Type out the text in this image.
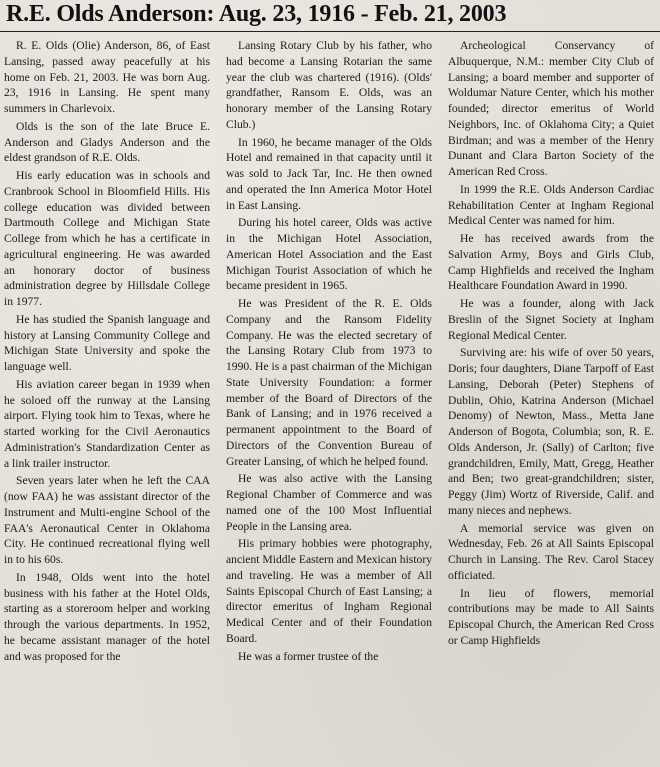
R.E. Olds Anderson: Aug. 23, 1916 - Feb. 21, 2003

R. E. Olds (Olie) Anderson, 86, of East Lansing, passed away peacefully at his home on Feb. 21, 2003. He was born Aug. 23, 1916 in Lansing. He spent many summers in Charlevoix.

Olds is the son of the late Bruce E. Anderson and Gladys Anderson and the eldest grandson of R.E. Olds.

His early education was in schools and Cranbrook School in Bloomfield Hills. His college education was divided between Dartmouth College and Michigan State College from which he has a certificate in agricultural engineering. He was awarded an honorary doctor of business administration degree by Hillsdale College in 1977.

He has studied the Spanish language and history at Lansing Community College and Michigan State University and spoke the language well.

His aviation career began in 1939 when he soloed off the runway at the Lansing airport. Flying took him to Texas, where he started working for the Civil Aeronautics Administration's Standardization Center as a link trailer instructor.

Seven years later when he left the CAA (now FAA) he was assistant director of the Instrument and Multi-engine School of the FAA's Aeronautical Center in Oklahoma City. He continued recreational flying well in to his 60s.

In 1948, Olds went into the hotel business with his father at the Hotel Olds, starting as a storeroom helper and working through the various departments. In 1952, he became assistant manager of the hotel and was proposed for the

Lansing Rotary Club by his father, who had become a Lansing Rotarian the same year the club was chartered (1916). (Olds' grandfather, Ransom E. Olds, was an honorary member of the Lansing Rotary Club.)

In 1960, he became manager of the Olds Hotel and remained in that capacity until it was sold to Jack Tar, Inc. He then owned and operated the Inn America Motor Hotel in East Lansing.

During his hotel career, Olds was active in the Michigan Hotel Association, American Hotel Association and the East Michigan Tourist Association of which he became president in 1965.

He was President of the R. E. Olds Company and the Ransom Fidelity Company. He was the elected secretary of the Lansing Rotary Club from 1973 to 1990. He is a past chairman of the Michigan State University Foundation: a former member of the Board of Directors of the Bank of Lansing; and in 1976 received a permanent appointment to the Board of Directors of the Convention Bureau of Greater Lansing, of which he helped found.

He was also active with the Lansing Regional Chamber of Commerce and was named one of the 100 Most Influential People in the Lansing area.

His primary hobbies were photography, ancient Middle Eastern and Mexican history and traveling. He was a member of All Saints Episcopal Church of East Lansing; a director emeritus of Ingham Regional Medical Center and of their Foundation Board.

He was a former trustee of the

Archeological Conservancy of Albuquerque, N.M.: member City Club of Lansing; a board member and supporter of Woldumar Nature Center, which his mother founded; director emeritus of World Neighbors, Inc. of Oklahoma City; a Quiet Birdman; and was a member of the Henry Dunant and Clara Barton Society of the American Red Cross.

In 1999 the R.E. Olds Anderson Cardiac Rehabilitation Center at Ingham Regional Medical Center was named for him.

He has received awards from the Salvation Army, Boys and Girls Club, Camp Highfields and received the Ingham Healthcare Foundation Award in 1990.

He was a founder, along with Jack Breslin of the Signet Society at Ingham Regional Medical Center.

Surviving are: his wife of over 50 years, Doris; four daughters, Diane Tarpoff of East Lansing, Deborah (Peter) Stephens of Dublin, Ohio, Katrina Anderson (Michael Denomy) of Newton, Mass., Metta Jane Anderson of Bogota, Columbia; son, R. E. Olds Anderson, Jr. (Sally) of Carlton; five grandchildren, Emily, Matt, Gregg, Heather and Ben; two great-grandchildren; sister, Peggy (Jim) Wortz of Riverside, Calif. and many nieces and nephews.

A memorial service was given on Wednesday, Feb. 26 at All Saints Episcopal Church in Lansing. The Rev. Carol Stacey officiated.

In lieu of flowers, memorial contributions may be made to All Saints Episcopal Church, the American Red Cross or Camp Highfields
